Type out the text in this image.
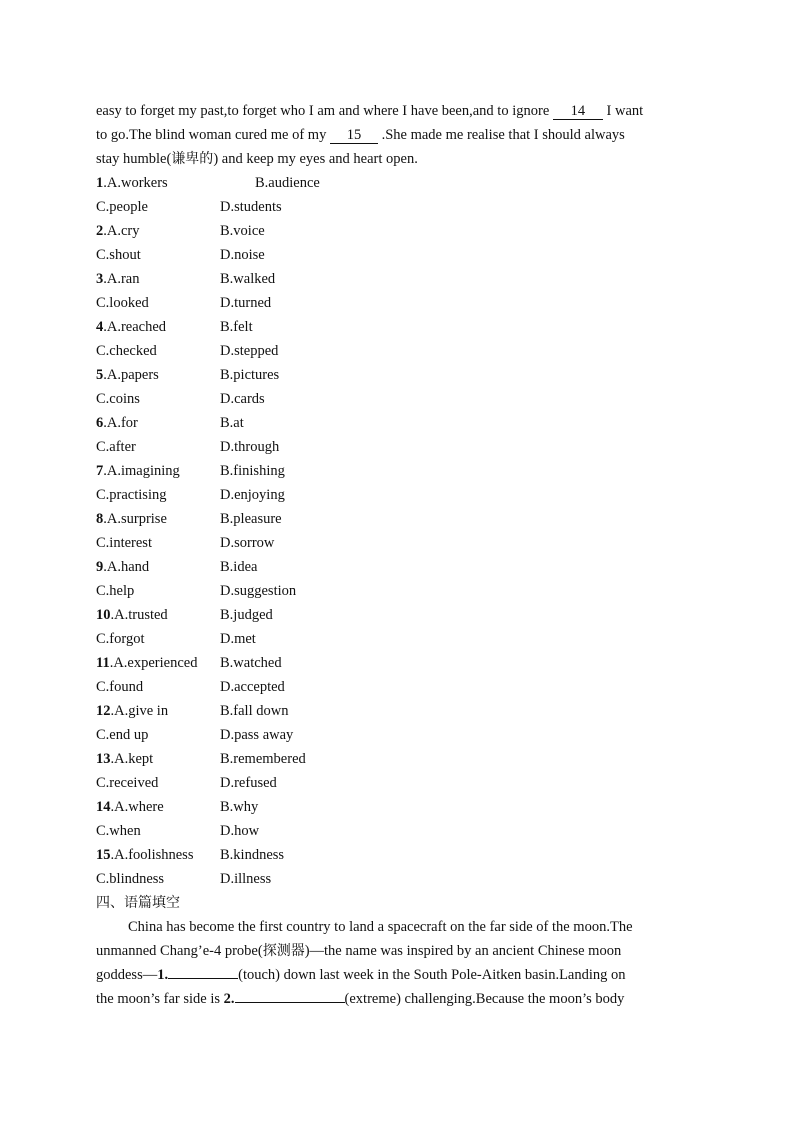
easy to forget my past,to forget who I am and where I have been,and to ignore 14 I want
to go.The blind woman cured me of my 15 .She made me realise that I should always
stay humble(谦卑的) and keep my eyes and heart open.
1.A.workers	B.audience
C.people	D.students
2.A.cry	B.voice
C.shout	D.noise
3.A.ran	B.walked
C.looked	D.turned
4.A.reached	B.felt
C.checked	D.stepped
5.A.papers	B.pictures
C.coins	D.cards
6.A.for	B.at
C.after	D.through
7.A.imagining	B.finishing
C.practising	D.enjoying
8.A.surprise	B.pleasure
C.interest	D.sorrow
9.A.hand	B.idea
C.help	D.suggestion
10.A.trusted	B.judged
C.forgot	D.met
11.A.experienced B.watched
C.found	D.accepted
12.A.give in	B.fall down
C.end up	D.pass away
13.A.kept	B.remembered
C.received	D.refused
14.A.where	B.why
C.when	D.how
15.A.foolishness B.kindness
C.blindness	D.illness
四、语篇填空
China has become the first country to land a spacecraft on the far side of the moon.The
unmanned Chang’e-4 probe(探测器)—the name was inspired by an ancient Chinese moon
goddess—1.	(touch) down last week in the South Pole-Aitken basin.Landing on
the moon’s far side is 2.	(extreme) challenging.Because the moon’s body
